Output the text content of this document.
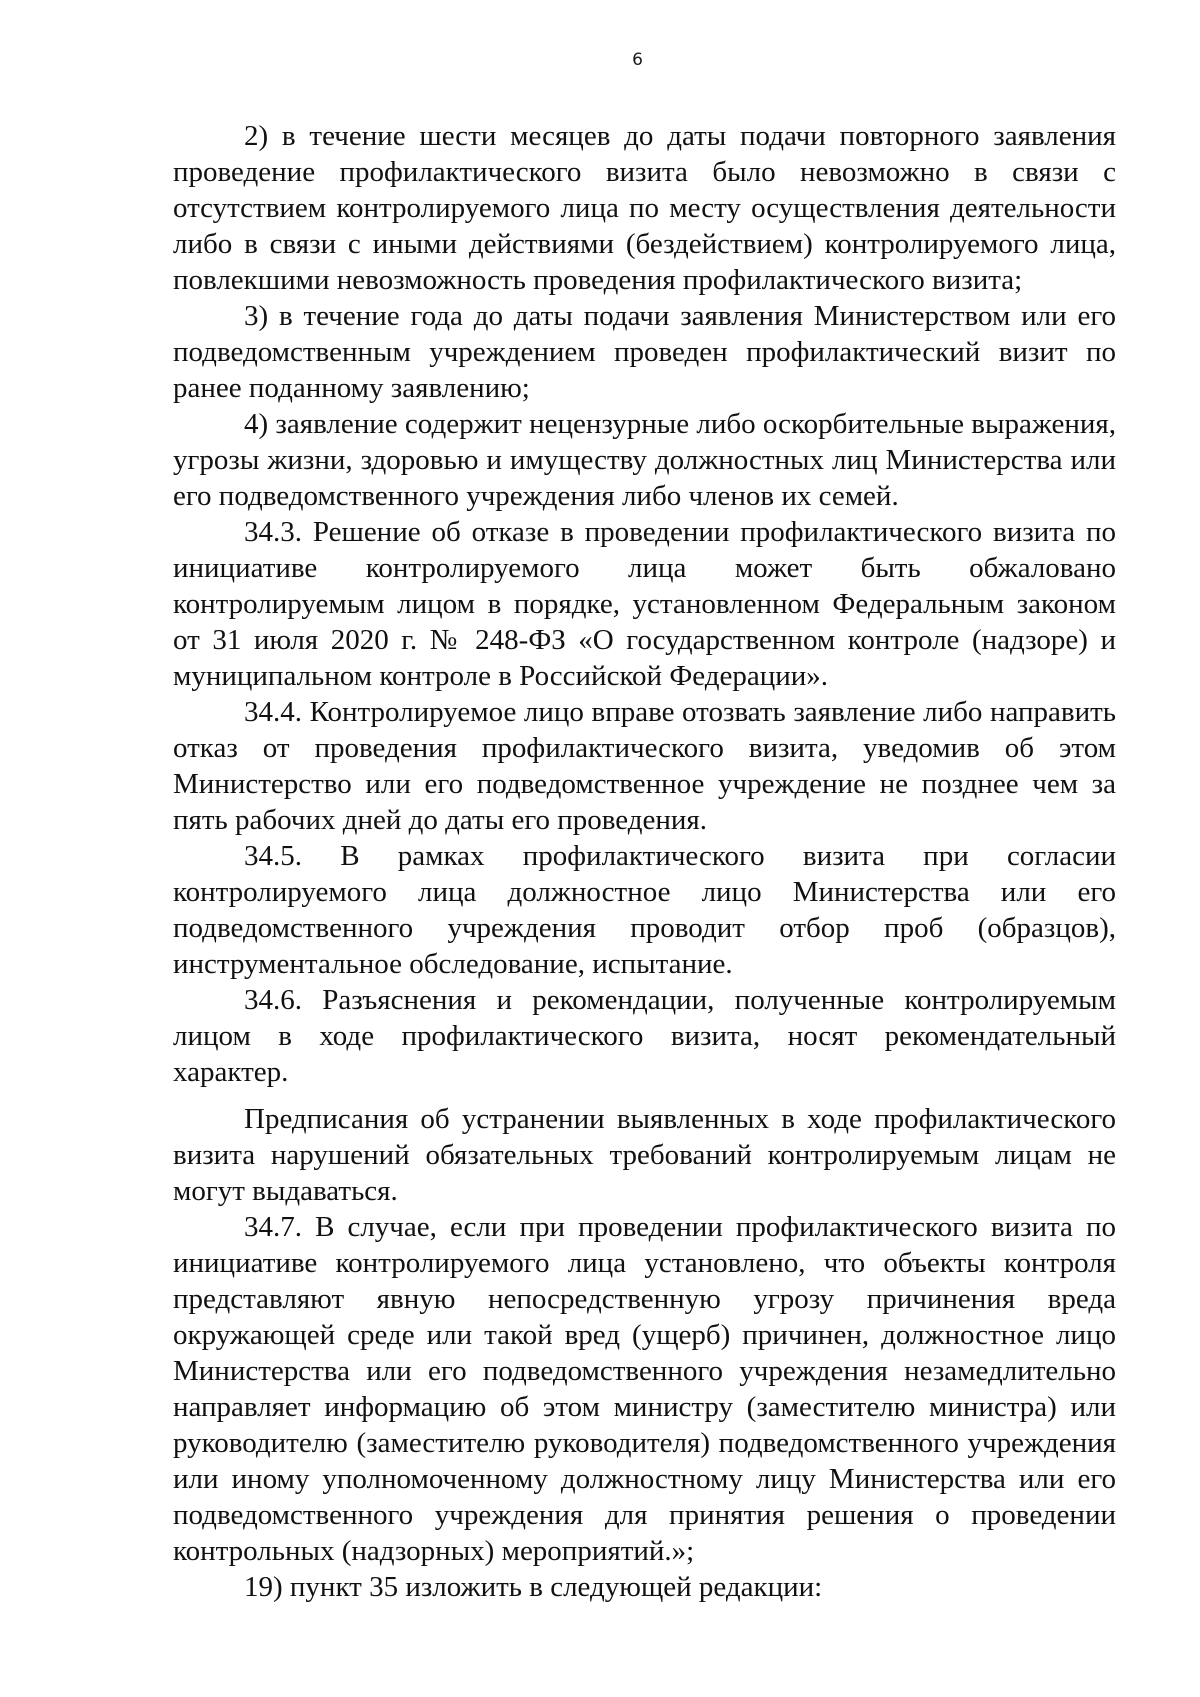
6

2) в течение шести месяцев до даты подачи повторного заявления проведение профилактического визита было невозможно в связи с отсутствием контролируемого лица по месту осуществления деятельности либо в связи с иными действиями (бездействием) контролируемого лица, повлекшими невозможность проведения профилактического визита;

3) в течение года до даты подачи заявления Министерством или его подведомственным учреждением проведен профилактический визит по ранее поданному заявлению;

4) заявление содержит нецензурные либо оскорбительные выражения, угрозы жизни, здоровью и имуществу должностных лиц Министерства или его подведомственного учреждения либо членов их семей.

34.3. Решение об отказе в проведении профилактического визита по инициативе контролируемого лица может быть обжаловано контролируемым лицом в порядке, установленном Федеральным законом от 31 июля 2020 г. № 248-ФЗ «О государственном контроле (надзоре) и муниципальном контроле в Российской Федерации».

34.4. Контролируемое лицо вправе отозвать заявление либо направить отказ от проведения профилактического визита, уведомив об этом Министерство или его подведомственное учреждение не позднее чем за пять рабочих дней до даты его проведения.

34.5. В рамках профилактического визита при согласии контролируемого лица должностное лицо Министерства или его подведомственного учреждения проводит отбор проб (образцов), инструментальное обследование, испытание.

34.6. Разъяснения и рекомендации, полученные контролируемым лицом в ходе профилактического визита, носят рекомендательный характер.

Предписания об устранении выявленных в ходе профилактического визита нарушений обязательных требований контролируемым лицам не могут выдаваться.

34.7. В случае, если при проведении профилактического визита по инициативе контролируемого лица установлено, что объекты контроля представляют явную непосредственную угрозу причинения вреда окружающей среде или такой вред (ущерб) причинен, должностное лицо Министерства или его подведомственного учреждения незамедлительно направляет информацию об этом министру (заместителю министра) или руководителю (заместителю руководителя) подведомственного учреждения или иному уполномоченному должностному лицу Министерства или его подведомственного учреждения для принятия решения о проведении контрольных (надзорных) мероприятий.»;

19) пункт 35 изложить в следующей редакции:
